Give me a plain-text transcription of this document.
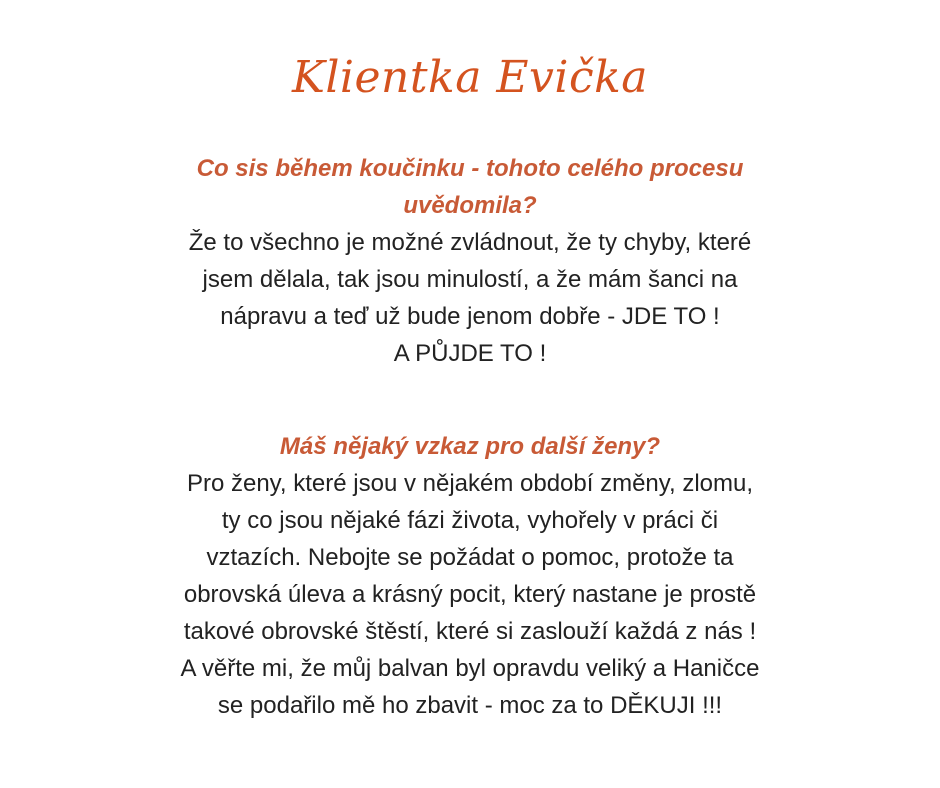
Klientka Evička

Co sis během koučinku - tohoto celého procesu

uvědomila?

Že to všechno je možné zvládnout, že ty chyby, které

jsem dělala, tak jsou minulostí, a že mám šanci na

nápravu a teď už bude jenom dobře - JDE TO !

A PŮJDE TO !

Máš nějaký vzkaz pro další ženy?

Pro ženy, které jsou v nějakém období změny, zlomu,

ty co jsou nějaké fázi života, vyhořely v práci či

vztazích. Nebojte se požádat o pomoc, protože ta

obrovská úleva a krásný pocit, který nastane je prostě

takové obrovské štěstí, které si zaslouží každá z nás !

A věřte mi, že můj balvan byl opravdu veliký a Haničce

se podařilo mě ho zbavit - moc za to DĚKUJI !!!
